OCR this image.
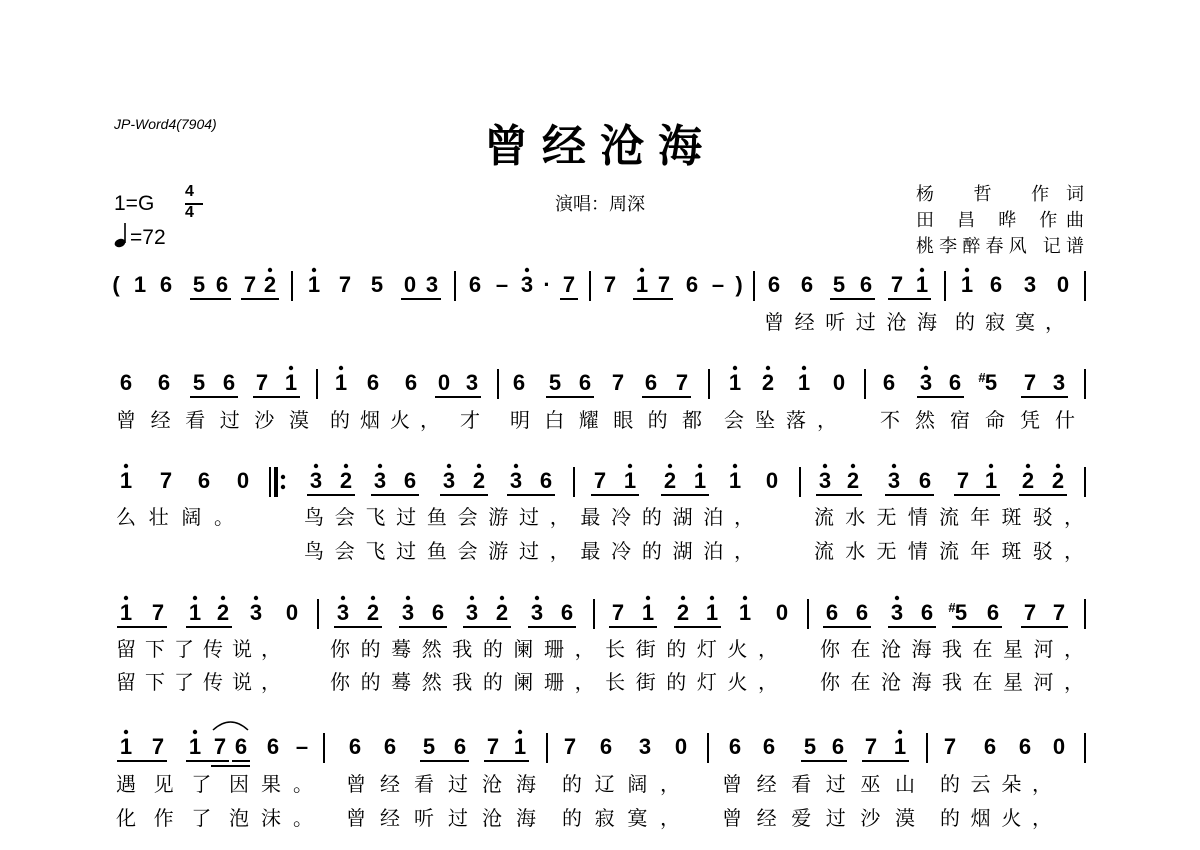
JP-Word4(7904)	曾经沧海
演唱：周深
1=G
4
4
=72
杨 哲 作词
田 昌 晔 作曲
桃李醉春风 记谱
( 1 6 5 6 7 2 1 7 5 0 3 6 – 3 · 7 7 1 7 6 – ) 6 6 5 6 7 1 1 6 3 0
曾经听过沧海 的寂寞，
6 6 5 6 7 1 1 6 6 0 3 6 5 6 7 6 7 1 2 1 0 6 3 6 5
# 7 3
曾经看过沙漠 的烟火， 才 明白耀眼的都 会坠落， 不然宿命凭什
1 7 6 0	3 2 3 6 3 2 3 6 7 1 2 1 1 0 3 2 3 6 7 1 2 2
么壮阔。	鸟会飞过鱼会游过，最冷的湖泊，	流水无情流年斑驳，
鸟会飞过鱼会游过，最冷的湖泊，	流水无情流年斑驳，
1 7 1 2 3 0 3 2 3 6 3 2 3 6 7 1 2 1 1 0 6 6 3 6 5
# 6 7 7
留下了传说， 你的蓦然我的阑珊，长街的灯火， 你在沧海我在星河，
留下了传说， 你的蓦然我的阑珊，长街的灯火， 你在沧海我在星河，
1 7 1 7 6 6 – 6 6 5 6 7 1 7 6 3 0 6 6 5 6 7 1 7 6 6 0
遇见了因 果。 曾经看过沧海 的辽阔， 曾经看过巫山 的云朵，
化作了泡 沫。 曾经听过沧海 的寂寞， 曾经爱过沙漠 的烟火，
